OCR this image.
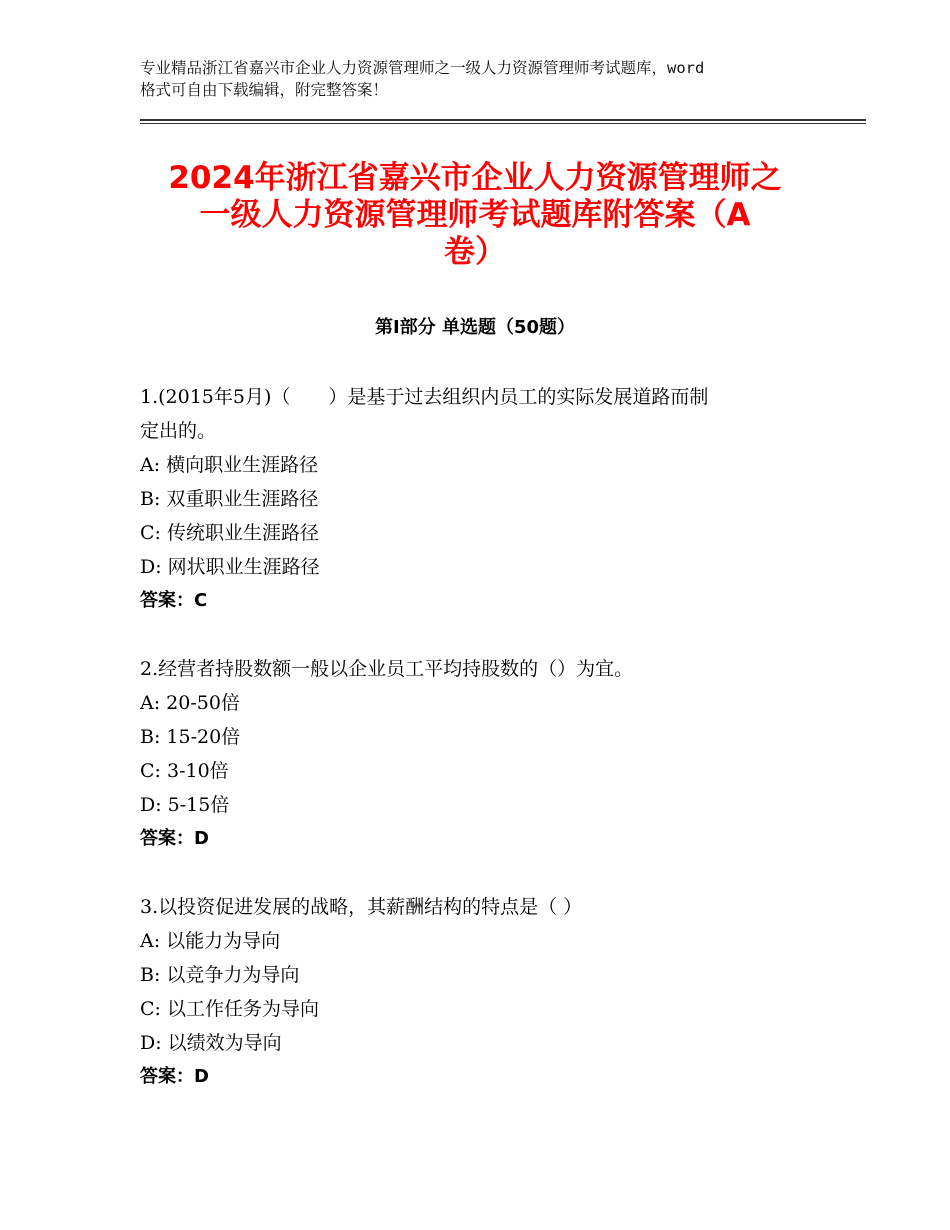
专业精品浙江省嘉兴市企业人力资源管理师之一级人力资源管理师考试题库，word
格式可自由下载编辑，附完整答案！
2024年浙江省嘉兴市企业人力资源管理师之
一级人力资源管理师考试题库附答案（A
卷）
第Ⅰ部分 单选题（50题）

1.(2015年5月)（　　）是基于过去组织内员工的实际发展道路而制

定出的。

A: 横向职业生涯路径

B: 双重职业生涯路径

C: 传统职业生涯路径

D: 网状职业生涯路径

答案：C

2.经营者持股数额一般以企业员工平均持股数的（）为宜。

A: 20-50倍

B: 15-20倍

C: 3-10倍

D: 5-15倍

答案：D

3.以投资促进发展的战略，其薪酬结构的特点是（ ）

A: 以能力为导向

B: 以竞争力为导向

C: 以工作任务为导向

D: 以绩效为导向

答案：D
